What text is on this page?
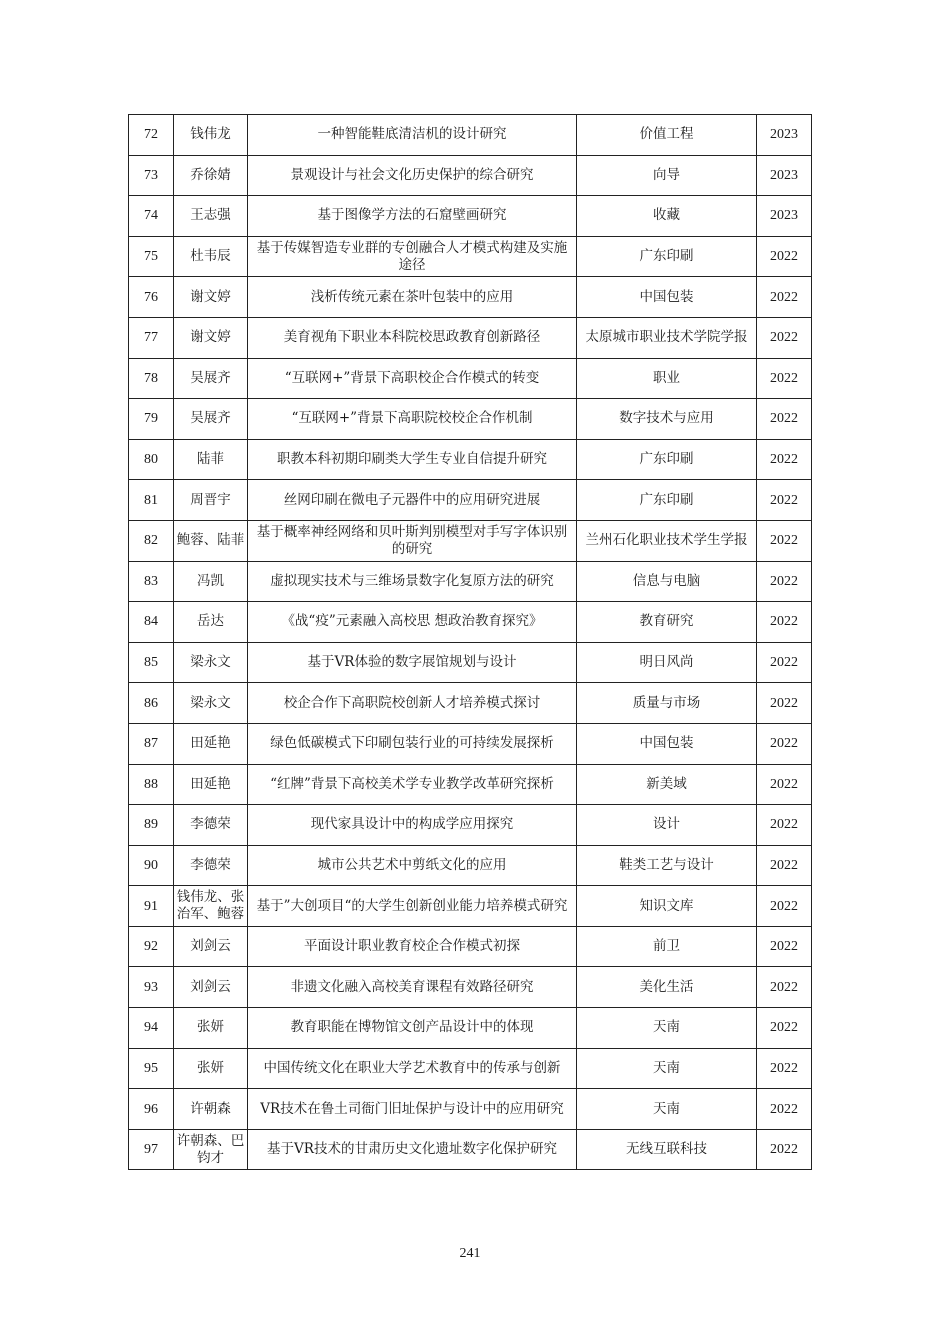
72	钱伟龙	一种智能鞋底清洁机的设计研究	价值工程	2023
73	乔徐婧	景观设计与社会文化历史保护的综合研究	向导	2023
74	王志强	基于图像学方法的石窟壁画研究	收藏	2023
75	杜韦辰	基于传媒智造专业群的专创融合人才模式构建及实施途径	广东印刷	2022
76	谢文婷	浅析传统元素在茶叶包装中的应用	中国包装	2022
77	谢文婷	美育视角下职业本科院校思政教育创新路径	太原城市职业技术学院学报	2022
78	吴展齐	“互联网+”背景下高职校企合作模式的转变	职业	2022
79	吴展齐	“互联网+”背景下高职院校校企合作机制	数字技术与应用	2022
80	陆菲	职教本科初期印刷类大学生专业自信提升研究	广东印刷	2022
81	周晋宇	丝网印刷在微电子元器件中的应用研究进展	广东印刷	2022
82	鲍蓉、陆菲	基于概率神经网络和贝叶斯判别模型对手写字体识别的研究	兰州石化职业技术学生学报	2022
83	冯凯	虚拟现实技术与三维场景数字化复原方法的研究	信息与电脑	2022
84	岳达	《战“疫”元素融入高校思 想政治教育探究》	教育研究	2022
85	梁永文	基于VR体验的数字展馆规划与设计	明日风尚	2022
86	梁永文	校企合作下高职院校创新人才培养模式探讨	质量与市场	2022
87	田延艳	绿色低碳模式下印刷包装行业的可持续发展探析	中国包装	2022
88	田延艳	“红牌”背景下高校美术学专业教学改革研究探析	新美域	2022
89	李德荣	现代家具设计中的构成学应用探究	设计	2022
90	李德荣	城市公共艺术中剪纸文化的应用	鞋类工艺与设计	2022
91	钱伟龙、张治军、鲍蓉	基于”大创项目“的大学生创新创业能力培养模式研究	知识文库	2022
92	刘剑云	平面设计职业教育校企合作模式初探	前卫	2022
93	刘剑云	非遗文化融入高校美育课程有效路径研究	美化生活	2022
94	张妍	教育职能在博物馆文创产品设计中的体现	天南	2022
95	张妍	中国传统文化在职业大学艺术教育中的传承与创新	天南	2022
96	许朝森	VR技术在鲁土司衙门旧址保护与设计中的应用研究	天南	2022
97	许朝森、巴钧才	基于VR技术的甘肃历史文化遗址数字化保护研究	无线互联科技	2022
241
